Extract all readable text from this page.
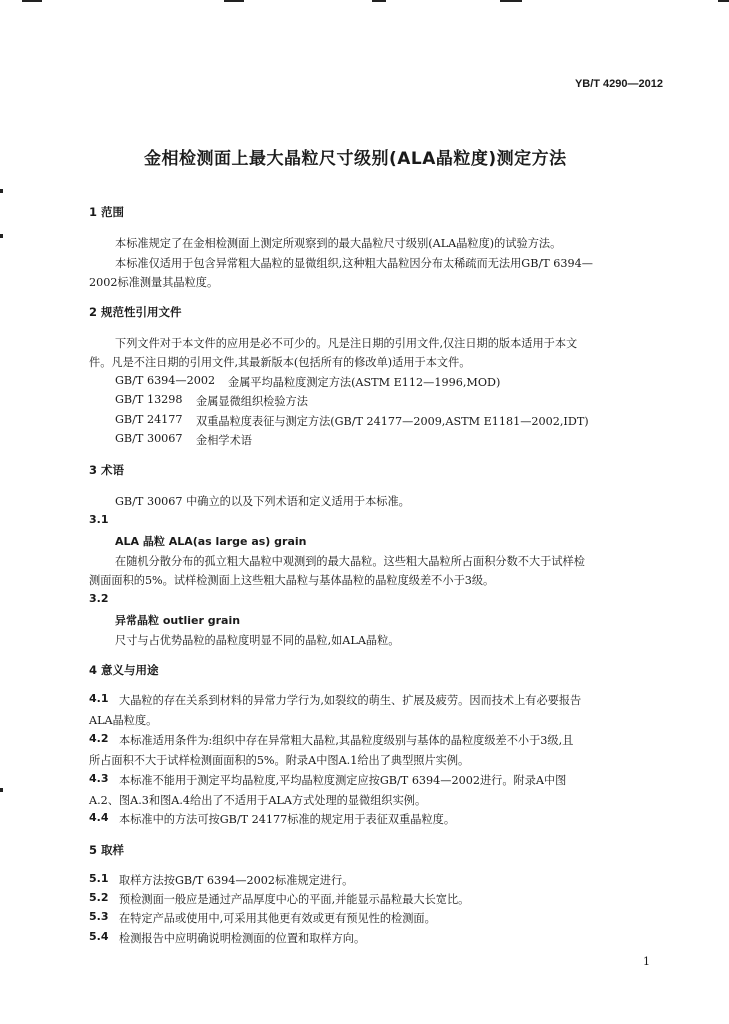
YB/T 4290—2012
金相检测面上最大晶粒尺寸级别(ALA晶粒度)测定方法
1 范围
本标准规定了在金相检测面上测定所观察到的最大晶粒尺寸级别(ALA晶粒度)的试验方法。
本标准仅适用于包含异常粗大晶粒的显微组织,这种粗大晶粒因分布太稀疏而无法用GB/T 6394—
2002标准测量其晶粒度。
2 规范性引用文件
下列文件对于本文件的应用是必不可少的。凡是注日期的引用文件,仅注日期的版本适用于本文
件。凡是不注日期的引用文件,其最新版本(包括所有的修改单)适用于本文件。
GB/T 6394—2002 金属平均晶粒度测定方法(ASTM E112—1996,MOD)
GB/T 13298 金属显微组织检验方法
GB/T 24177 双重晶粒度表征与测定方法(GB/T 24177—2009,ASTM E1181—2002,IDT)
GB/T 30067 金相学术语
3 术语
GB/T 30067 中确立的以及下列术语和定义适用于本标准。
3.1
ALA 晶粒 ALA(as large as) grain
在随机分散分布的孤立粗大晶粒中观测到的最大晶粒。这些粗大晶粒所占面积分数不大于试样检
测面面积的5%。试样检测面上这些粗大晶粒与基体晶粒的晶粒度级差不小于3级。
3.2
异常晶粒 outlier grain
尺寸与占优势晶粒的晶粒度明显不同的晶粒,如ALA晶粒。
4 意义与用途
4.1 大晶粒的存在关系到材料的异常力学行为,如裂纹的萌生、扩展及疲劳。因而技术上有必要报告
ALA晶粒度。
4.2 本标准适用条件为:组织中存在异常粗大晶粒,其晶粒度级别与基体的晶粒度级差不小于3级,且
所占面积不大于试样检测面面积的5%。附录A中图A.1给出了典型照片实例。
4.3 本标准不能用于测定平均晶粒度,平均晶粒度测定应按GB/T 6394—2002进行。附录A中图
A.2、图A.3和图A.4给出了不适用于ALA方式处理的显微组织实例。
4.4 本标准中的方法可按GB/T 24177标准的规定用于表征双重晶粒度。
5 取样
5.1 取样方法按GB/T 6394—2002标准规定进行。
5.2 预检测面一般应是通过产品厚度中心的平面,并能显示晶粒最大长宽比。
5.3 在特定产品或使用中,可采用其他更有效或更有预见性的检测面。
5.4 检测报告中应明确说明检测面的位置和取样方向。
1
